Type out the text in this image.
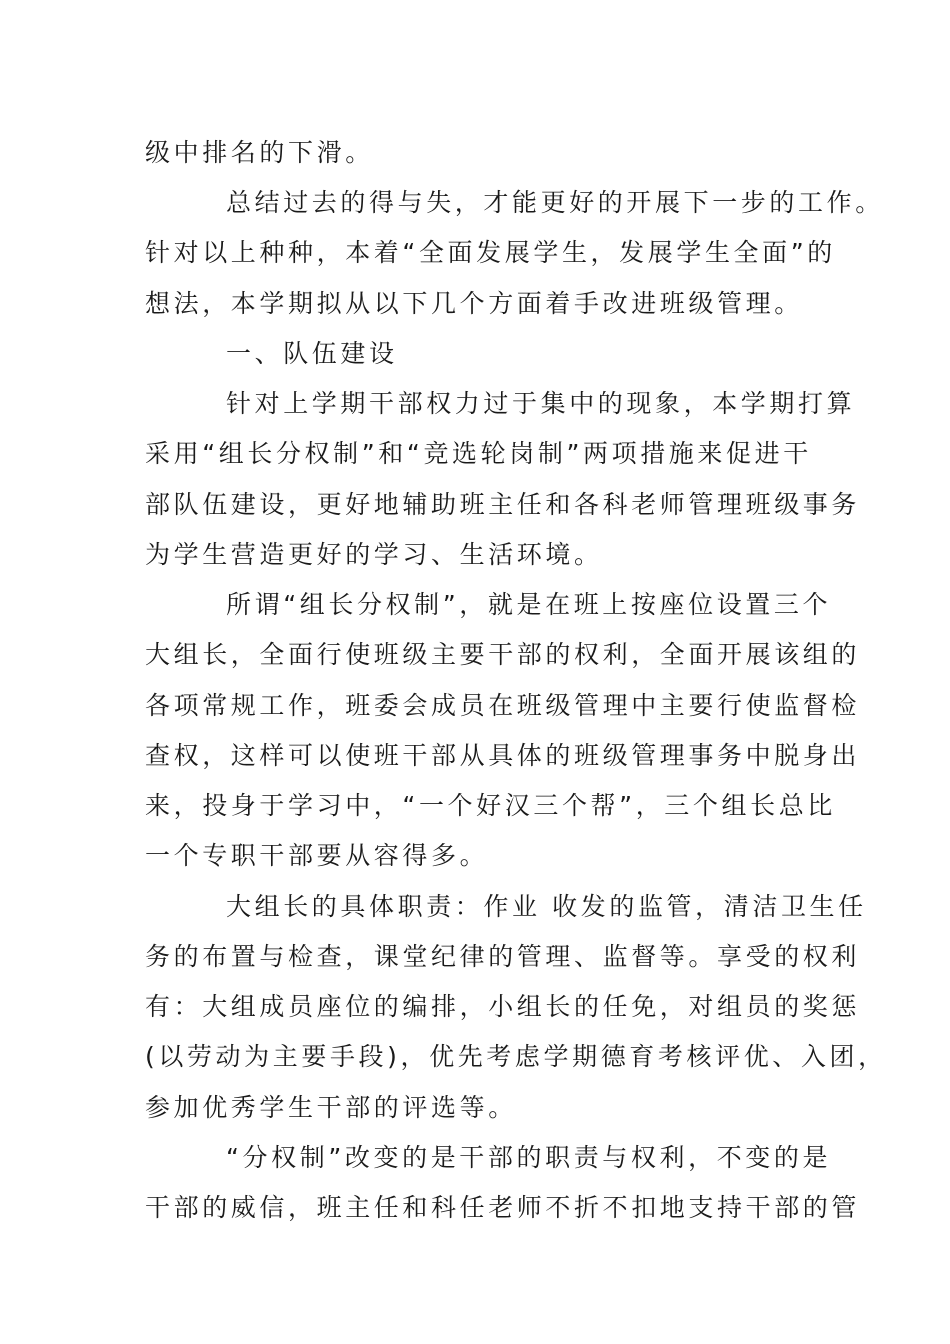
级中排名的下滑。
总结过去的得与失，才能更好的开展下一步的工作。
针对以上种种，本着“全面发展学生，发展学生全面”的
想法，本学期拟从以下几个方面着手改进班级管理。
一、队伍建设
针对上学期干部权力过于集中的现象，本学期打算
采用“组长分权制”和“竞选轮岗制”两项措施来促进干
部队伍建设，更好地辅助班主任和各科老师管理班级事务
为学生营造更好的学习、生活环境。
所谓“组长分权制”，就是在班上按座位设置三个
大组长，全面行使班级主要干部的权利，全面开展该组的
各项常规工作，班委会成员在班级管理中主要行使监督检
查权，这样可以使班干部从具体的班级管理事务中脱身出
来，投身于学习中，“一个好汉三个帮”，三个组长总比
一个专职干部要从容得多。
大组长的具体职责：作业 收发的监管，清洁卫生任
务的布置与检查，课堂纪律的管理、监督等。享受的权利
有：大组成员座位的编排，小组长的任免，对组员的奖惩
(以劳动为主要手段)，优先考虑学期德育考核评优、入团，
参加优秀学生干部的评选等。
“分权制”改变的是干部的职责与权利，不变的是
干部的威信，班主任和科任老师不折不扣地支持干部的管
